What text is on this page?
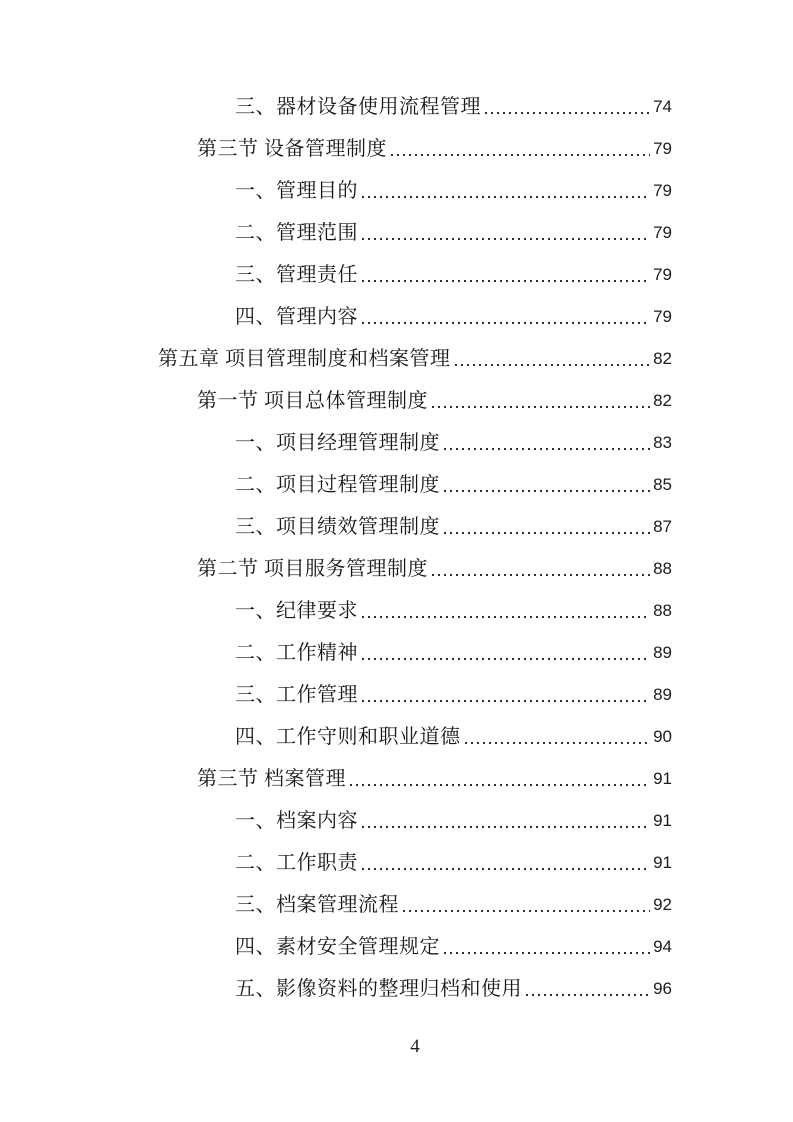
三、器材设备使用流程管理	74
第三节 设备管理制度	79
一、管理目的	79
二、管理范围	79
三、管理责任	79
四、管理内容	79
第五章 项目管理制度和档案管理	82
第一节 项目总体管理制度	82
一、项目经理管理制度	83
二、项目过程管理制度	85
三、项目绩效管理制度	87
第二节 项目服务管理制度	88
一、纪律要求	88
二、工作精神	89
三、工作管理	89
四、工作守则和职业道德	90
第三节 档案管理	91
一、档案内容	91
二、工作职责	91
三、档案管理流程	92
四、素材安全管理规定	94
五、影像资料的整理归档和使用	96
4
